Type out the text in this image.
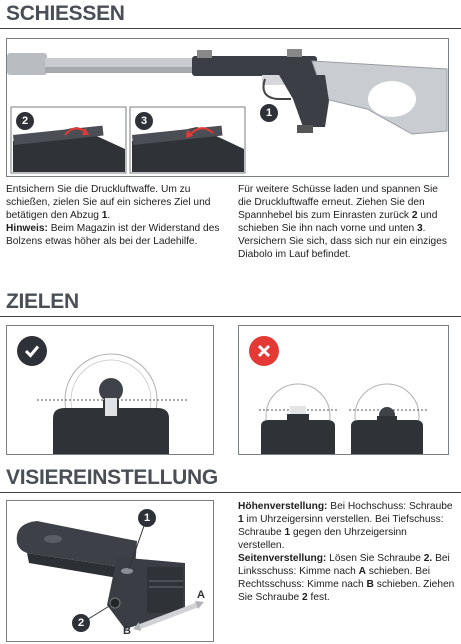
SCHIESSEN
2	3
1

Entsichern Sie die Druckluftwaffe. Um zu schießen, zielen Sie auf ein sicheres Ziel und betätigen den Abzug 1.

Hinweis: Beim Magazin ist der Widerstand des Bolzens etwas höher als bei der Ladehilfe.

Für weitere Schüsse laden und spannen Sie die Druckluftwaffe erneut. Ziehen Sie den Spannhebel bis zum Einrasten zurück 2 und schieben Sie ihn nach vorne und unten 3. Versichern Sie sich, dass sich nur ein einziges Diabolo im Lauf befindet.

ZIELEN
VISIEREINSTELLUNG
1
2
A
B

Höhenverstellung: Bei Hochschuss: Schraube 1 im Uhrzeigersinn verstellen. Bei Tiefschuss: Schraube 1 gegen den Uhrzeigersinn verstellen.

Seitenverstellung: Lösen Sie Schraube 2. Bei Linksschuss: Kimme nach A schieben. Bei Rechtsschuss: Kimme nach B schieben. Ziehen Sie Schraube 2 fest.
